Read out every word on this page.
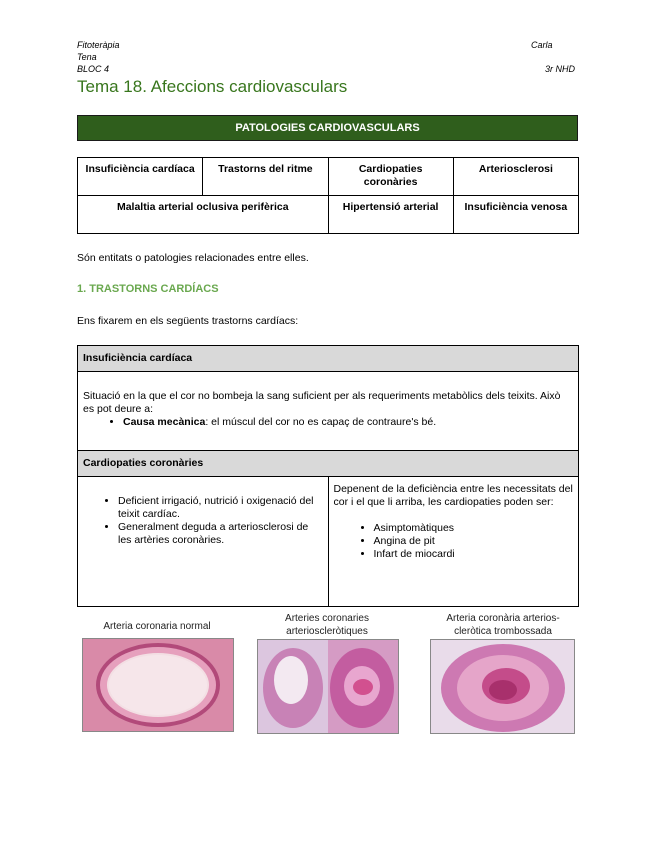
Fitoteràpia
Tena
BLOC 4
Carla
3r NHD
Tema 18. Afeccions cardiovasculars
PATOLOGIES CARDIOVASCULARS
Insuficiència cardíaca	Trastorns del ritme	Cardiopaties coronàries	Arteriosclerosi
Malaltia arterial oclusiva perifèrica		Hipertensió arterial	Insuficiència venosa
Són entitats o patologies relacionades entre elles.
1. TRASTORNS CARDÍACS
Ens fixarem en els següents trastorns cardíacs:
Insuficiència cardíaca

Situació en la que el cor no bombeja la sang suficient per als requeriments metabòlics dels teixits. Això es pot deure a:
• Causa mecànica: el múscul del cor no es capaç de contraure's bé.
Cardiopaties coronàries

• Deficient irrigació, nutrició i oxigenació del teixit cardíac.
• Generalment deguda a arteriosclerosi de les artèries coronàries.

Depenent de la deficiència entre les necessitats del cor i el que li arriba, les cardiopaties poden ser:
• Asimptomàtiques
• Angina de pit
• Infart de miocardi
Arteria coronaria normal
Arteries coronaries arterioscleròtiques
Arteria coronària arterios-cleròtica trombossada
